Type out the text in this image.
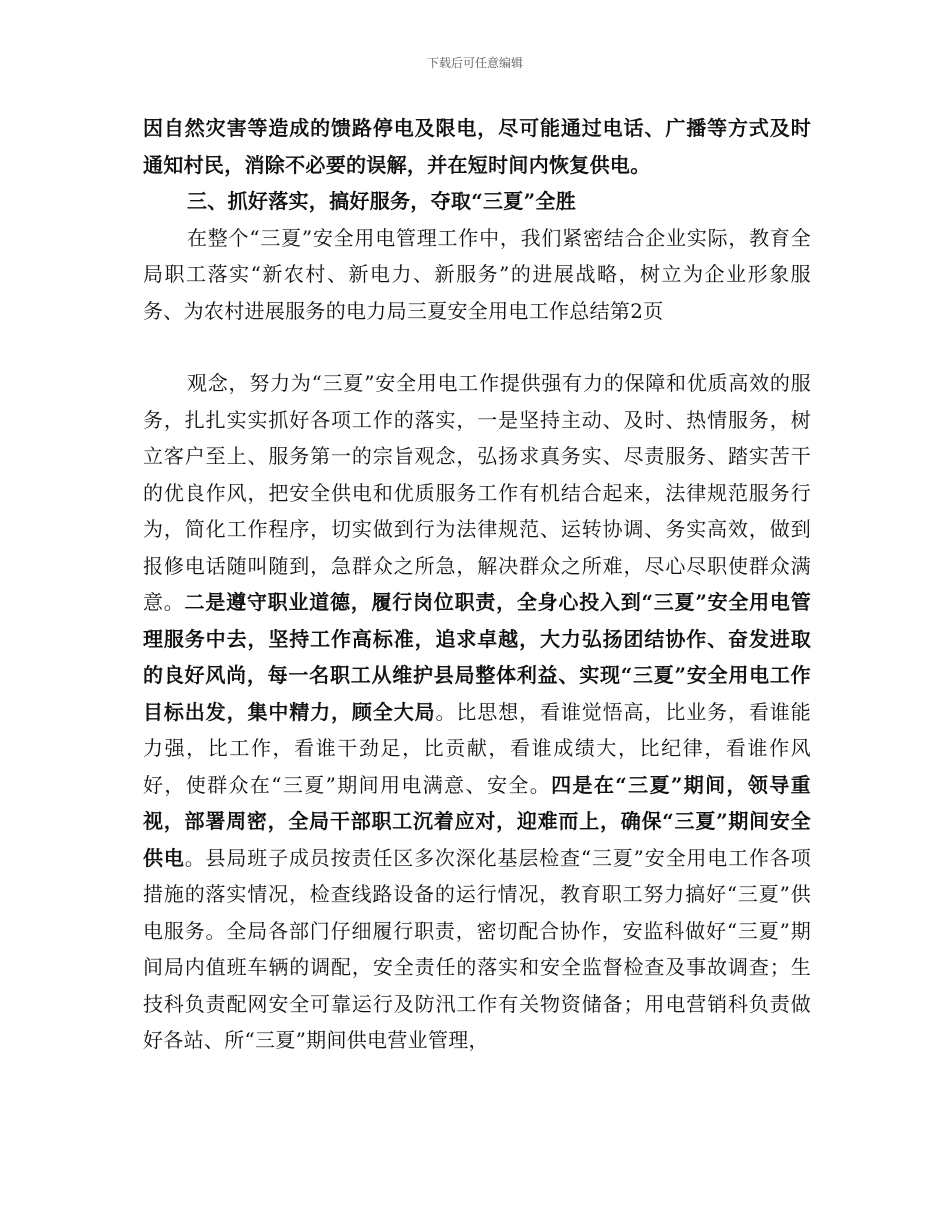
下载后可任意编辑

因自然灾害等造成的馈路停电及限电，尽可能通过电话、广播等方式及时通知村民，消除不必要的误解，并在短时间内恢复供电。

三、抓好落实，搞好服务，夺取“三夏”全胜

在整个“三夏”安全用电管理工作中，我们紧密结合企业实际，教育全局职工落实“新农村、新电力、新服务”的进展战略，树立为企业形象服务、为农村进展服务的电力局三夏安全用电工作总结第2页

观念，努力为“三夏”安全用电工作提供强有力的保障和优质高效的服务，扎扎实实抓好各项工作的落实，一是坚持主动、及时、热情服务，树立客户至上、服务第一的宗旨观念，弘扬求真务实、尽责服务、踏实苦干的优良作风，把安全供电和优质服务工作有机结合起来，法律规范服务行为，简化工作程序，切实做到行为法律规范、运转协调、务实高效，做到报修电话随叫随到，急群众之所急，解决群众之所难，尽心尽职使群众满意。二是遵守职业道德，履行岗位职责，全身心投入到“三夏”安全用电管理服务中去，坚持工作高标准，追求卓越，大力弘扬团结协作、奋发进取的良好风尚，每一名职工从维护县局整体利益、实现“三夏”安全用电工作目标出发，集中精力，顾全大局。比思想，看谁觉悟高，比业务，看谁能力强，比工作，看谁干劲足，比贡献，看谁成绩大，比纪律，看谁作风好，使群众在“三夏”期间用电满意、安全。四是在“三夏”期间，领导重视，部署周密，全局干部职工沉着应对，迎难而上，确保“三夏”期间安全供电。县局班子成员按责任区多次深化基层检查“三夏”安全用电工作各项措施的落实情况，检查线路设备的运行情况，教育职工努力搞好“三夏”供电服务。全局各部门仔细履行职责，密切配合协作，安监科做好“三夏”期间局内值班车辆的调配，安全责任的落实和安全监督检查及事故调查；生技科负责配网安全可靠运行及防汛工作有关物资储备；用电营销科负责做好各站、所“三夏”期间供电营业管理，
